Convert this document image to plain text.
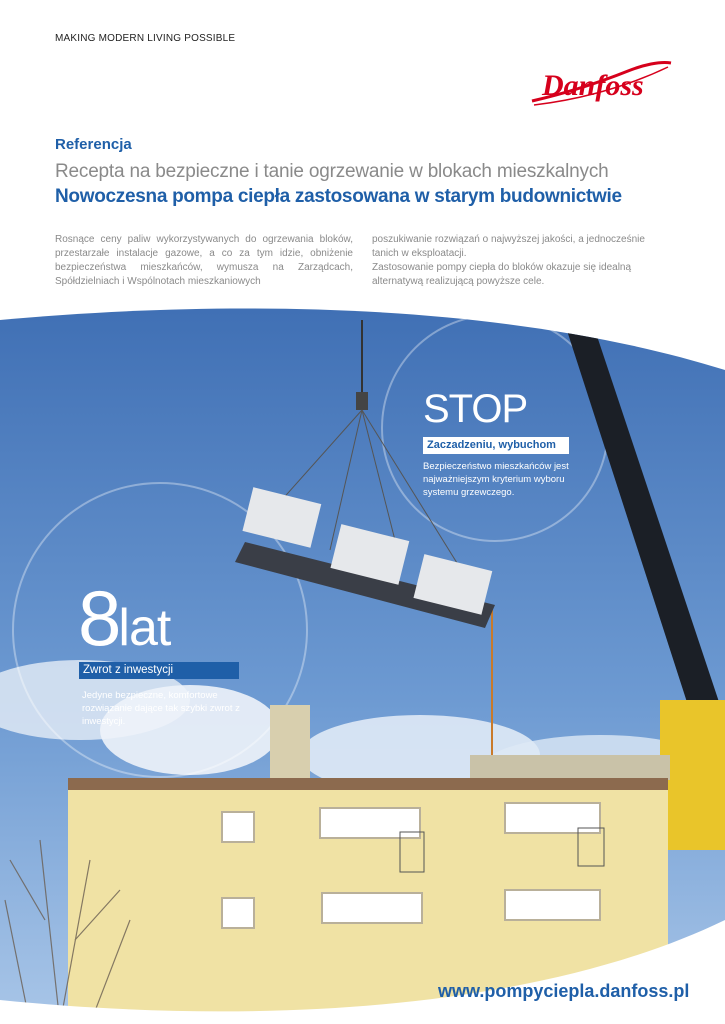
MAKING MODERN LIVING POSSIBLE
Danfoss
Referencja
Recepta na bezpieczne i tanie ogrzewanie w blokach mieszkalnych
Nowoczesna pompa ciepła zastosowana w starym budownictwie

Rosnące ceny paliw wykorzystywanych do ogrzewania bloków, przestarzałe instalacje gazowe, a co za tym idzie, obniżenie bezpieczeństwa mieszkańców, wymusza na Zarządcach, Spółdzielniach i Wspólnotach mieszkaniowych

poszukiwanie rozwiązań o najwyższej jakości, a jednocześnie tanich w eksploatacji.

Zastosowanie pompy ciepła do bloków okazuje się idealną alternatywą realizującą powyższe cele.

STOP
Zaczadzeniu, wybuchom
Bezpieczeństwo mieszkańców jest najważniejszym kryterium wyboru systemu grzewczego.
8lat
Zwrot z inwestycji
Jedyne bezpieczne, komfortowe rozwiązanie dające tak szybki zwrot z inwestycji.
www.pompyciepla.danfoss.pl
